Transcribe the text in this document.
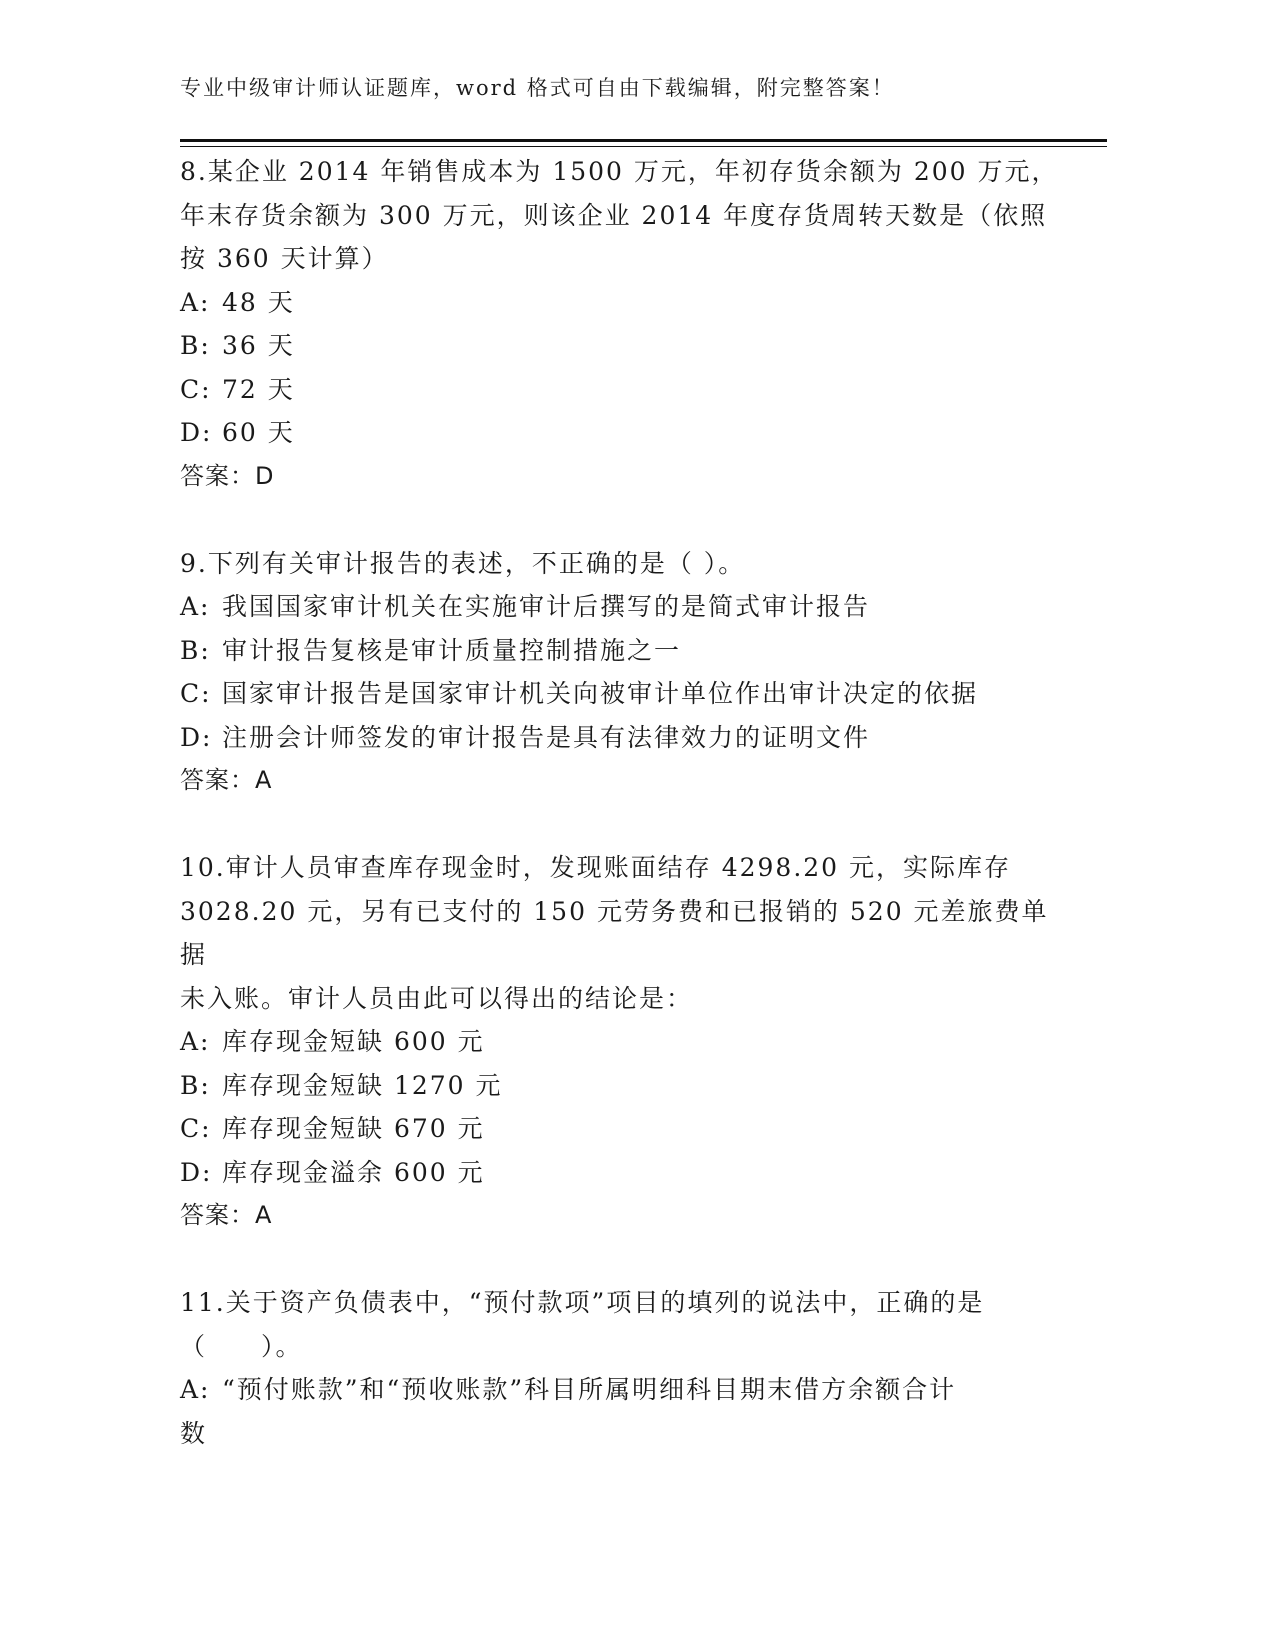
专业中级审计师认证题库，word 格式可自由下载编辑，附完整答案！
8.某企业 2014 年销售成本为 1500 万元，年初存货余额为 200 万元，
年末存货余额为 300 万元，则该企业 2014 年度存货周转天数是（依照
按 360 天计算）
A: 48 天
B: 36 天
C: 72 天
D: 60 天
答案：D
9.下列有关审计报告的表述，不正确的是（ ）。
A: 我国国家审计机关在实施审计后撰写的是简式审计报告
B: 审计报告复核是审计质量控制措施之一
C: 国家审计报告是国家审计机关向被审计单位作出审计决定的依据
D: 注册会计师签发的审计报告是具有法律效力的证明文件
答案：A
10.审计人员审查库存现金时，发现账面结存 4298.20 元，实际库存
3028.20 元，另有已支付的 150 元劳务费和已报销的 520 元差旅费单据
未入账。审计人员由此可以得出的结论是：
A: 库存现金短缺 600 元
B: 库存现金短缺 1270 元
C: 库存现金短缺 670 元
D: 库存现金溢余 600 元
答案：A
11.关于资产负债表中，“预付款项”项目的填列的说法中，正确的是
（　　）。
A: “预付账款”和“预收账款”科目所属明细科目期末借方余额合计
数
